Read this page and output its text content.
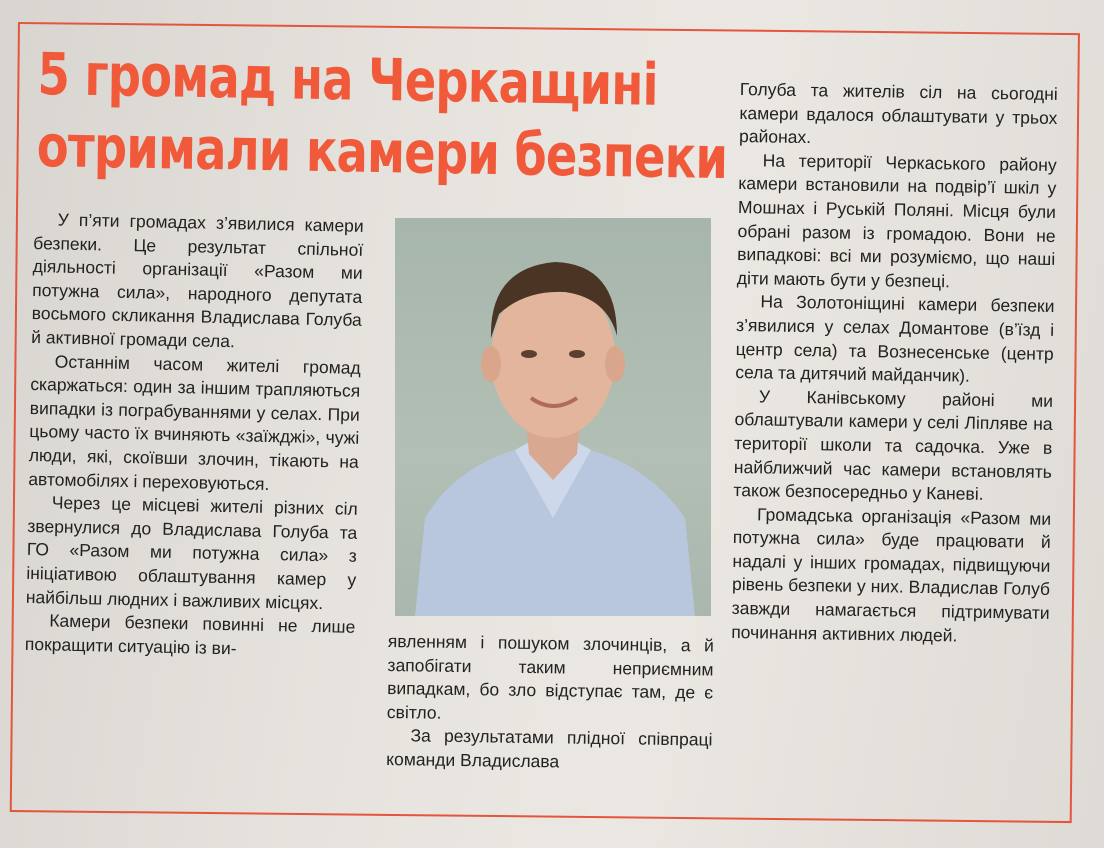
5 громад на Черкащині
отримали камери безпеки

У п’яти громадах з’явилися камери безпеки. Це результат спільної діяльності організації «Разом ми потужна сила», народного депутата восьмого скликання Владислава Голуба й активної громади села.

Останнім часом жителі громад скаржаться: один за іншим трапляються випадки із пограбуваннями у селах. При цьому часто їх вчиняють «заїжджі», чужі люди, які, скоївши злочин, тікають на автомобілях і переховуються.

Через це місцеві жителі різних сіл звернулися до Владислава Голуба та ГО «Разом ми потужна сила» з ініціативою облаштування камер у найбільш людних і важливих місцях.

Камери безпеки повинні не лише покращити ситуацію із ви-	явленням і пошуком злочинців, а й запобігати таким неприємним випадкам, бо зло відступає там, де є світло.

За результатами плідної співпраці команди Владислава

Голуба та жителів сіл на сьогодні камери вдалося облаштувати у трьох районах.

На території Черкаського району камери встановили на подвір’ї шкіл у Мошнах і Руській Поляні. Місця були обрані разом із громадою. Вони не випадкові: всі ми розуміємо, що наші діти мають бути у безпеці.

На Золотоніщині камери безпеки з’явилися у селах Домантове (в’їзд і центр села) та Вознесенське (центр села та дитячий майданчик).

У Канівському районі ми облаштували камери у селі Ліпляве на території школи та садочка. Уже в найближчий час камери встановлять також безпосередньо у Каневі.

Громадська організація «Разом ми потужна сила» буде працювати й надалі у інших громадах, підвищуючи рівень безпеки у них. Владислав Голуб завжди намагається підтримувати починання активних людей.
